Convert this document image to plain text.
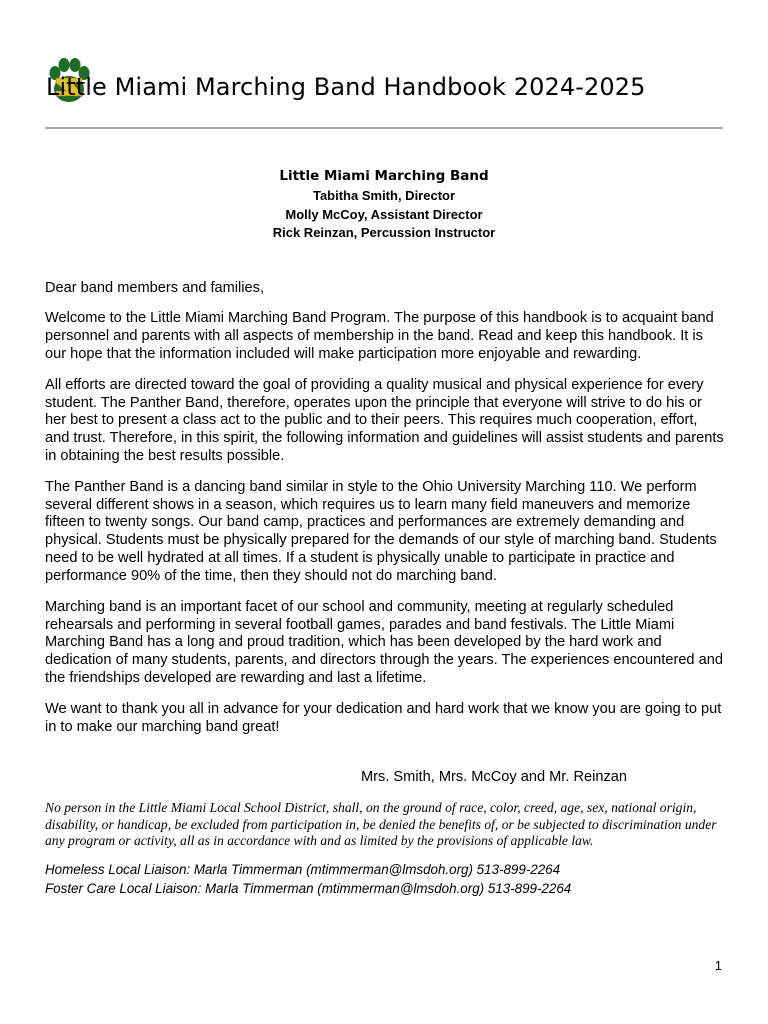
Little Miami Marching Band Handbook 2024-2025
Little Miami Marching Band
Tabitha Smith, Director
Molly McCoy, Assistant Director
Rick Reinzan, Percussion Instructor

Dear band members and families,

Welcome to the Little Miami Marching Band Program. The purpose of this handbook is to acquaint band personnel and parents with all aspects of membership in the band. Read and keep this handbook. It is our hope that the information included will make participation more enjoyable and rewarding.

All efforts are directed toward the goal of providing a quality musical and physical experience for every student. The Panther Band, therefore, operates upon the principle that everyone will strive to do his or her best to present a class act to the public and to their peers. This requires much cooperation, effort, and trust. Therefore, in this spirit, the following information and guidelines will assist students and parents in obtaining the best results possible.

The Panther Band is a dancing band similar in style to the Ohio University Marching 110. We perform several different shows in a season, which requires us to learn many field maneuvers and memorize fifteen to twenty songs. Our band camp, practices and performances are extremely demanding and physical. Students must be physically prepared for the demands of our style of marching band. Students need to be well hydrated at all times. If a student is physically unable to participate in practice and performance 90% of the time, then they should not do marching band.

Marching band is an important facet of our school and community, meeting at regularly scheduled rehearsals and performing in several football games, parades and band festivals. The Little Miami Marching Band has a long and proud tradition, which has been developed by the hard work and dedication of many students, parents, and directors through the years. The experiences encountered and the friendships developed are rewarding and last a lifetime.

We want to thank you all in advance for your dedication and hard work that we know you are going to put in to make our marching band great!

Mrs. Smith, Mrs. McCoy and Mr. Reinzan

No person in the Little Miami Local School District, shall, on the ground of race, color, creed, age, sex, national origin, disability, or handicap, be excluded from participation in, be denied the benefits of, or be subjected to discrimination under any program or activity, all as in accordance with and as limited by the provisions of applicable law.

Homeless Local Liaison: Marla Timmerman (mtimmerman@lmsdoh.org) 513-899-2264
Foster Care Local Liaison: Marla Timmerman (mtimmerman@lmsdoh.org) 513-899-2264
1
